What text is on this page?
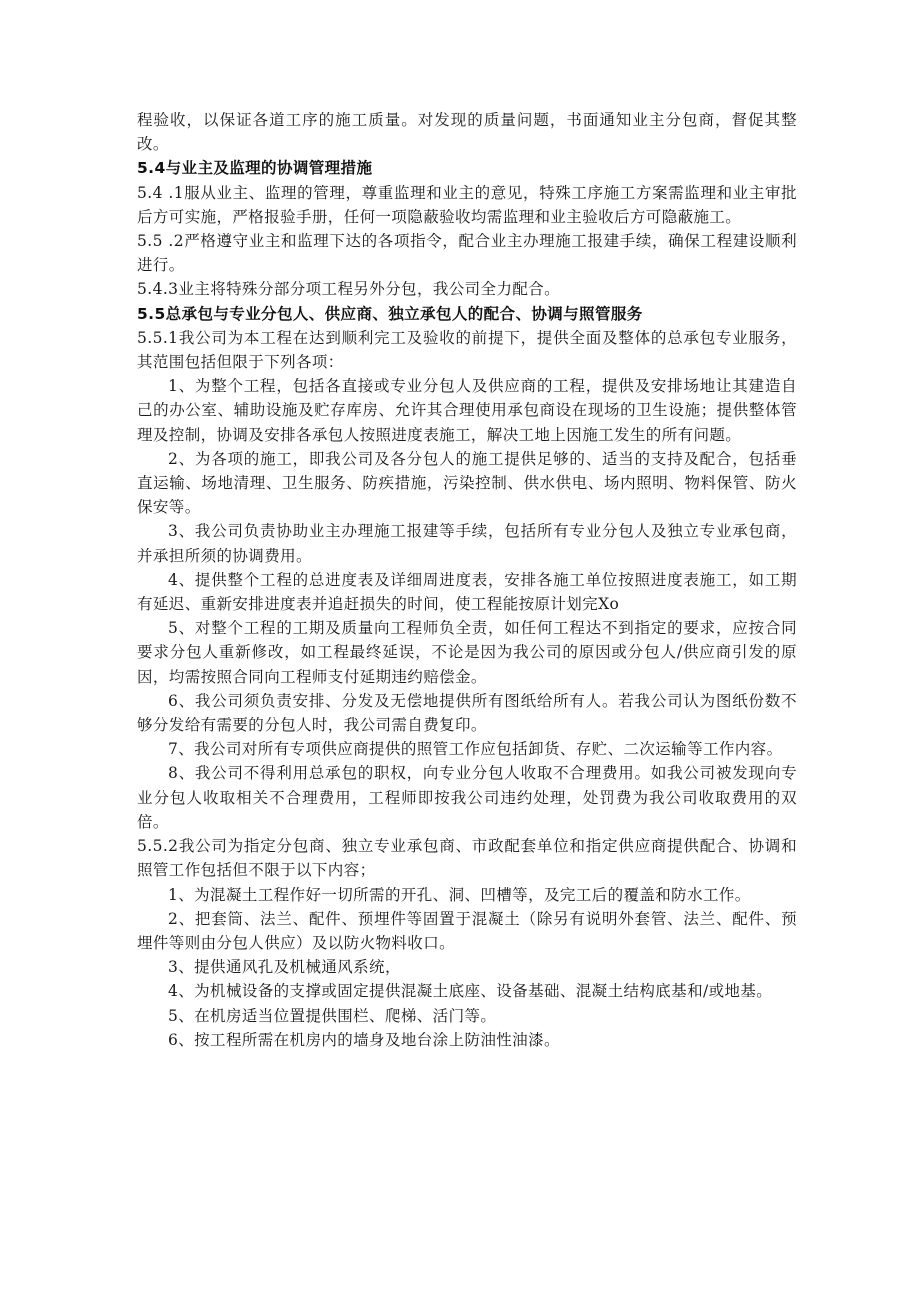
程验收，以保证各道工序的施工质量。对发现的质量问题，书面通知业主分包商，督促其整改。

5.4与业主及监理的协调管理措施

5.4 .1服从业主、监理的管理，尊重监理和业主的意见，特殊工序施工方案需监理和业主审批后方可实施，严格报验手册，任何一项隐蔽验收均需监理和业主验收后方可隐蔽施工。

5.5 .2严格遵守业主和监理下达的各项指令，配合业主办理施工报建手续，确保工程建设顺利进行。

5.4.3业主将特殊分部分项工程另外分包，我公司全力配合。

5.5总承包与专业分包人、供应商、独立承包人的配合、协调与照管服务

5.5.1我公司为本工程在达到顺利完工及验收的前提下，提供全面及整体的总承包专业服务，其范围包括但限于下列各项：

1、为整个工程，包括各直接或专业分包人及供应商的工程，提供及安排场地让其建造自己的办公室、辅助设施及贮存库房、允许其合理使用承包商设在现场的卫生设施；提供整体管理及控制，协调及安排各承包人按照进度表施工，解决工地上因施工发生的所有问题。

2、为各项的施工，即我公司及各分包人的施工提供足够的、适当的支持及配合，包括垂直运输、场地清理、卫生服务、防疾措施，污染控制、供水供电、场内照明、物料保管、防火保安等。

3、我公司负责协助业主办理施工报建等手续，包括所有专业分包人及独立专业承包商，并承担所须的协调费用。

4、提供整个工程的总进度表及详细周进度表，安排各施工单位按照进度表施工，如工期有延迟、重新安排进度表并追赶损失的时间，使工程能按原计划完Xo

5、对整个工程的工期及质量向工程师负全责，如任何工程达不到指定的要求，应按合同要求分包人重新修改，如工程最终延误，不论是因为我公司的原因或分包人/供应商引发的原因，均需按照合同向工程师支付延期违约赔偿金。

6、我公司须负责安排、分发及无偿地提供所有图纸给所有人。若我公司认为图纸份数不够分发给有需要的分包人时，我公司需自费复印。

7、我公司对所有专项供应商提供的照管工作应包括卸货、存贮、二次运输等工作内容。

8、我公司不得利用总承包的职权，向专业分包人收取不合理费用。如我公司被发现向专业分包人收取相关不合理费用，工程师即按我公司违约处理，处罚费为我公司收取费用的双倍。

5.5.2我公司为指定分包商、独立专业承包商、市政配套单位和指定供应商提供配合、协调和照管工作包括但不限于以下内容；

1、为混凝土工程作好一切所需的开孔、洞、凹槽等，及完工后的覆盖和防水工作。

2、把套筒、法兰、配件、预埋件等固置于混凝土（除另有说明外套管、法兰、配件、预埋件等则由分包人供应）及以防火物料收口。

3、提供通风孔及机械通风系统，

4、为机械设备的支撑或固定提供混凝土底座、设备基础、混凝土结构底基和/或地基。

5、在机房适当位置提供围栏、爬梯、活门等。

6、按工程所需在机房内的墙身及地台涂上防油性油漆。
